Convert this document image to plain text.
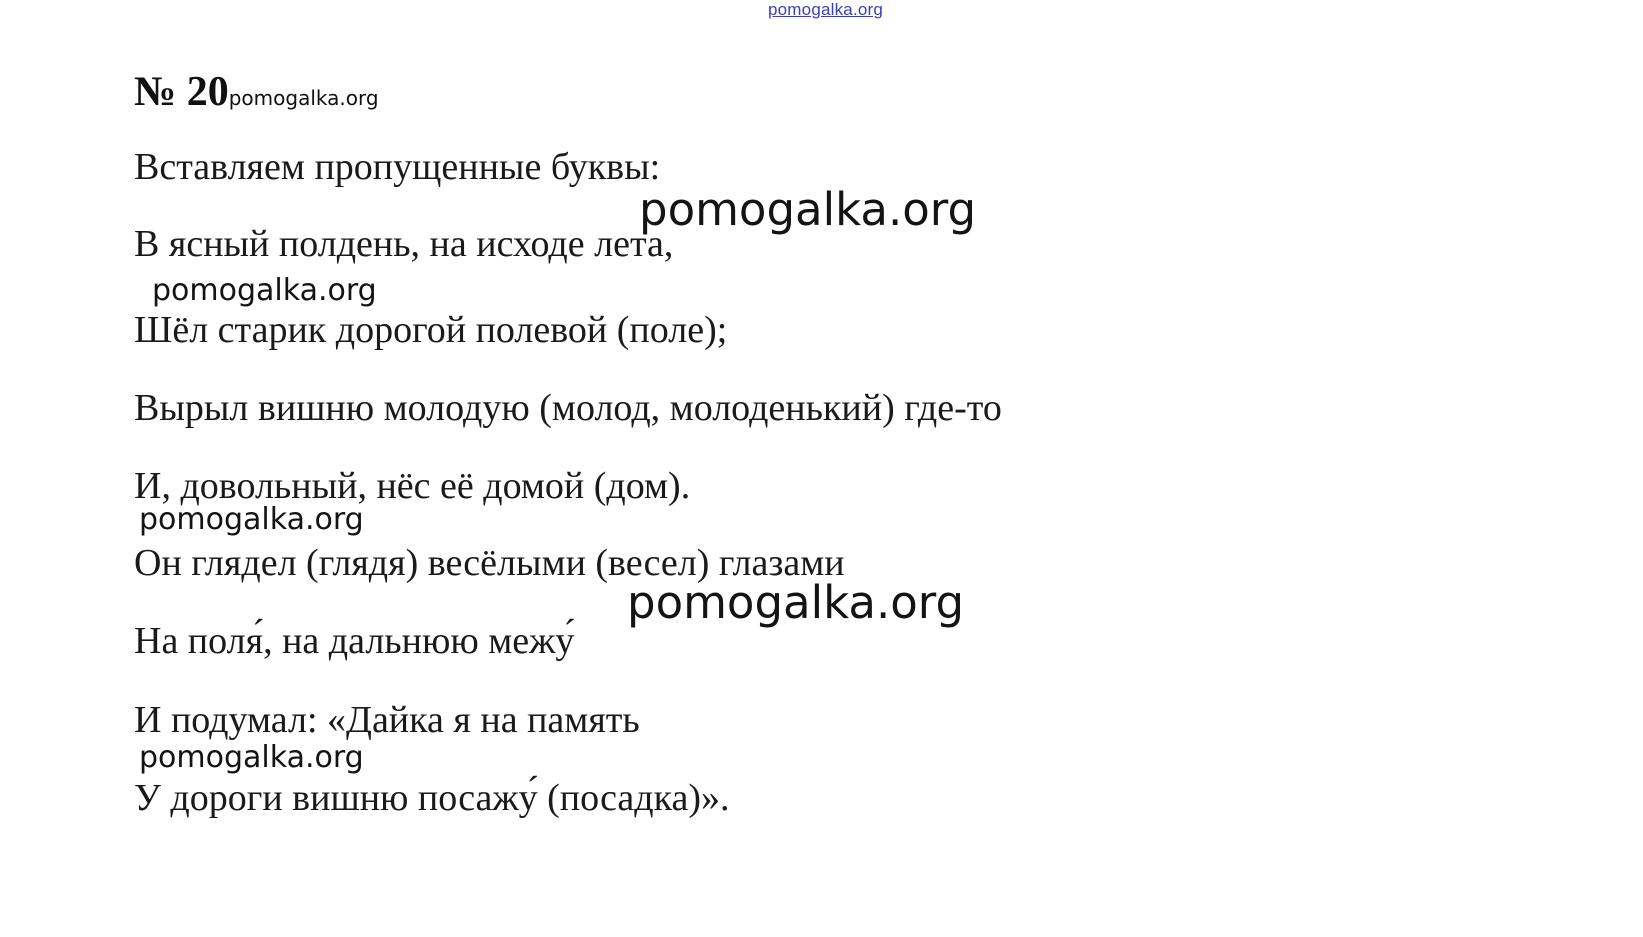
pomogalka.org
№ 20 pomogalka.org
Вставляем пропущенные буквы:
pomogalka.org
В ясный полдень, на исходе лета,
pomogalka.org
Шёл старик дорогой полевой (поле);
Вырыл вишню молодую (молод, молоденький) где-то
И, довольный, нёс её домой (дом).
pomogalka.org
Он глядел (глядя) весёлыми (весел) глазами
pomogalka.org
На поля́, на дальнюю межу́
И подумал: «Дайка я на память
pomogalka.org
У дороги вишню посажу́ (посадка)».
